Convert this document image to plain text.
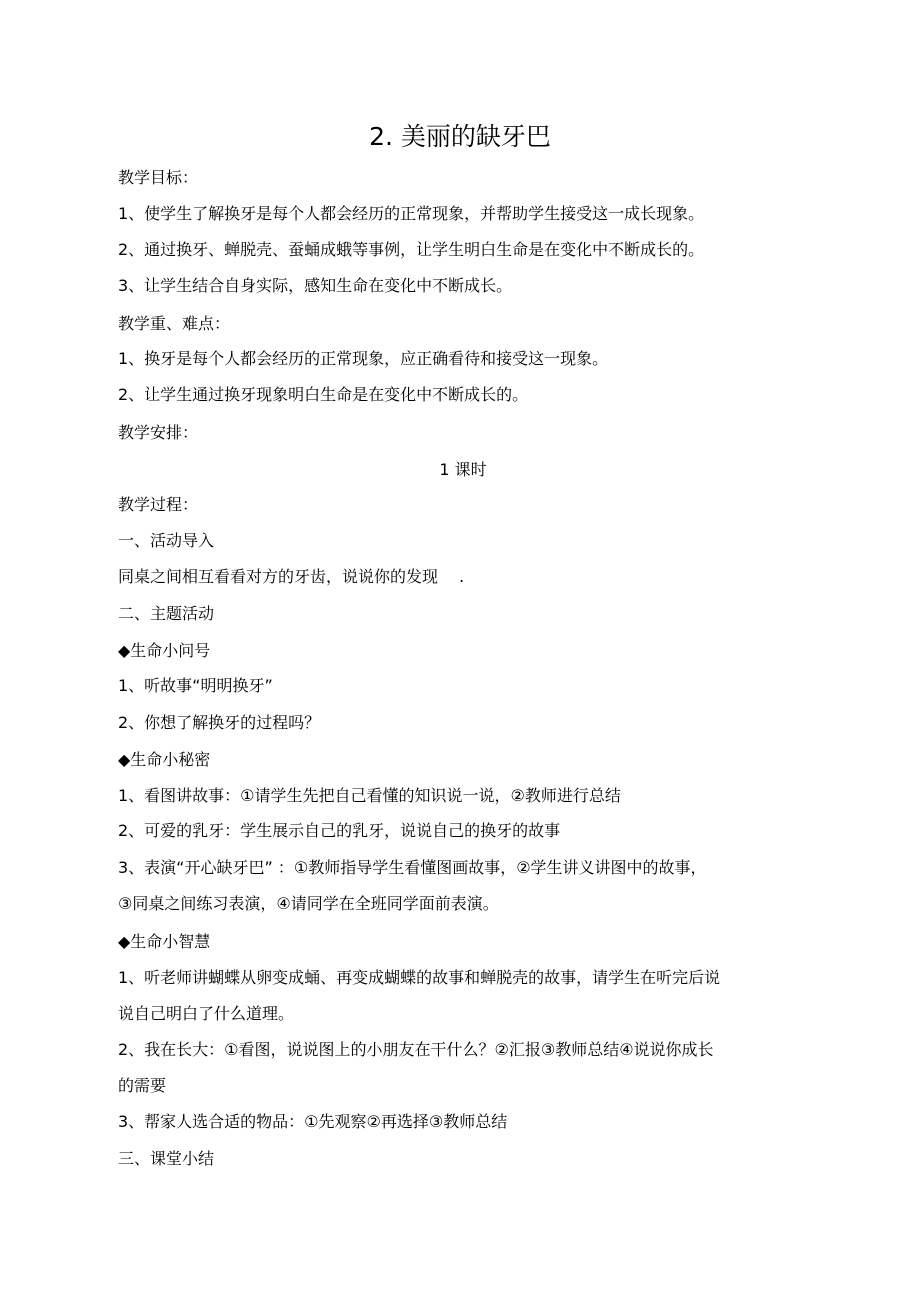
2. 美丽的缺牙巴
教学目标：
1、使学生了解换牙是每个人都会经历的正常现象，并帮助学生接受这一成长现象。
2、通过换牙、蝉脱壳、蚕蛹成蛾等事例，让学生明白生命是在变化中不断成长的。
3、让学生结合自身实际，感知生命在变化中不断成长。
教学重、难点：
1、换牙是每个人都会经历的正常现象，应正确看待和接受这一现象。
2、让学生通过换牙现象明白生命是在变化中不断成长的。
教学安排：
1 课时
教学过程：
一、活动导入
同桌之间相互看看对方的牙齿，说说你的发现　 .
二、主题活动
◆生命小问号
1、听故事“明明换牙”
2、你想了解换牙的过程吗？
◆生命小秘密
1、看图讲故事：①请学生先把自己看懂的知识说一说，②教师进行总结
2、可爱的乳牙：学生展示自己的乳牙，说说自己的换牙的故事
3、表演“开心缺牙巴” ：①教师指导学生看懂图画故事，②学生讲义讲图中的故事，
③同桌之间练习表演，④请同学在全班同学面前表演。
◆生命小智慧
1、听老师讲蝴蝶从卵变成蛹、再变成蝴蝶的故事和蝉脱壳的故事，请学生在听完后说
说自己明白了什么道理。
2、我在长大：①看图，说说图上的小朋友在干什么？②汇报③教师总结④说说你成长
的需要
3、帮家人选合适的物品：①先观察②再选择③教师总结
三、课堂小结
